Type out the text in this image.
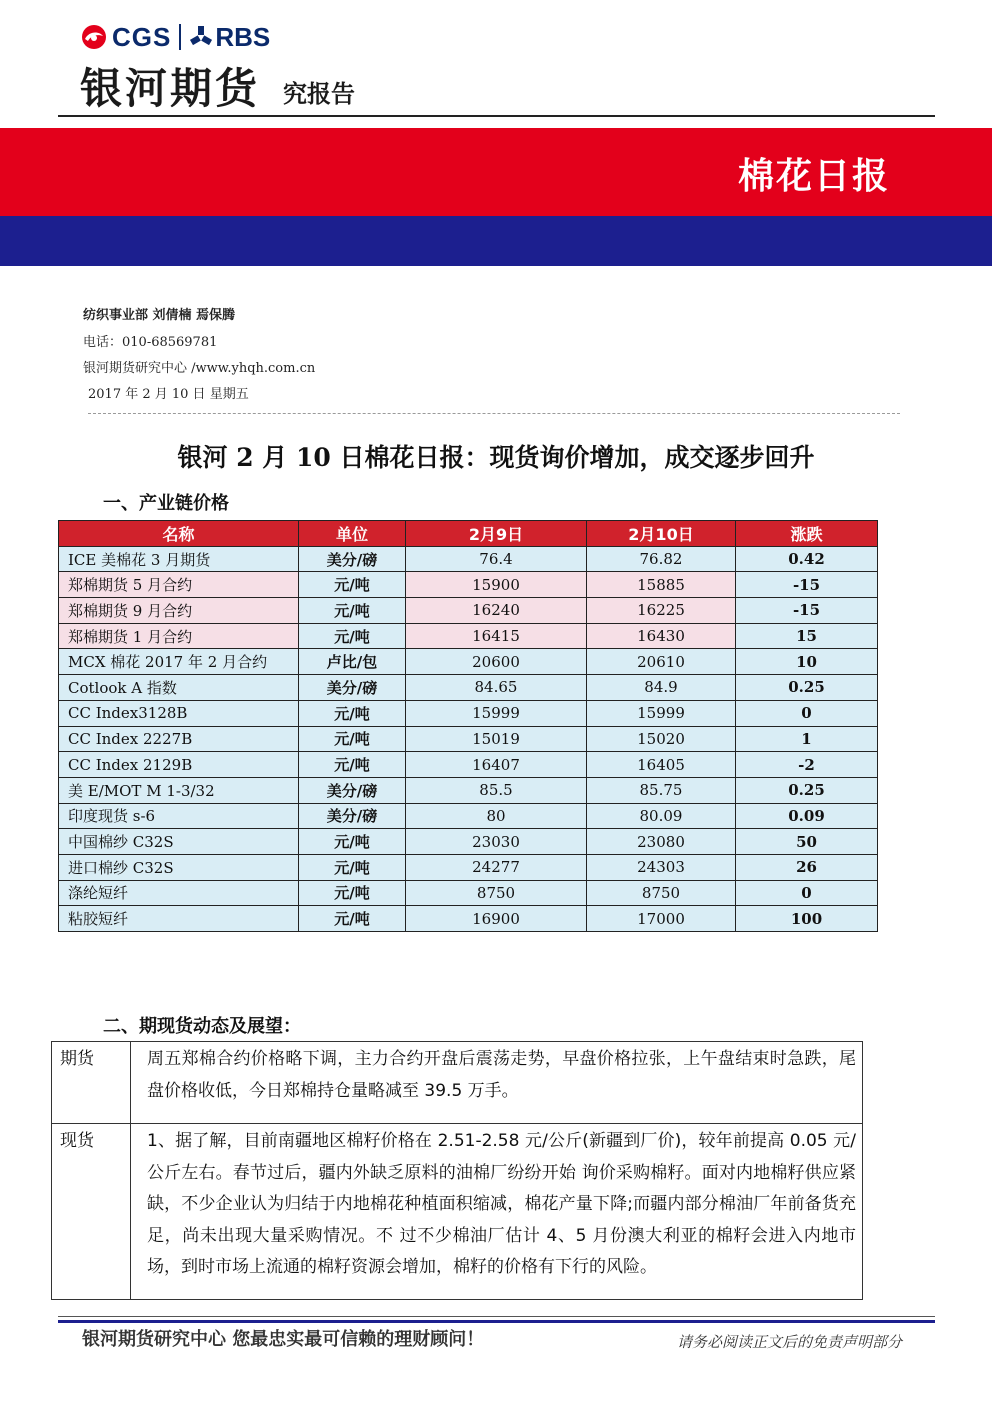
CGS RBS
银河期货 究报告
棉花日报
纺织事业部 刘倩楠 焉保腾
电话：010-68569781
银河期货研究中心 /www.yhqh.com.cn
2017 年 2 月 10 日 星期五
银河 2 月 10 日棉花日报：现货询价增加，成交逐步回升
一、产业链价格
名称	单位	2月9日	2月10日	涨跌
ICE 美棉花 3 月期货	美分/磅	76.4	76.82	0.42
郑棉期货 5 月合约	元/吨	15900	15885	-15
郑棉期货 9 月合约	元/吨	16240	16225	-15
郑棉期货 1 月合约	元/吨	16415	16430	15
MCX 棉花 2017 年 2 月合约	卢比/包	20600	20610	10
Cotlook A 指数	美分/磅	84.65	84.9	0.25
CC Index3128B	元/吨	15999	15999	0
CC Index 2227B	元/吨	15019	15020	1
CC Index 2129B	元/吨	16407	16405	-2
美 E/MOT M 1-3/32	美分/磅	85.5	85.75	0.25
印度现货 s-6	美分/磅	80	80.09	0.09
中国棉纱 C32S	元/吨	23030	23080	50
进口棉纱 C32S	元/吨	24277	24303	26
涤纶短纤	元/吨	8750	8750	0
粘胶短纤	元/吨	16900	17000	100
二、期现货动态及展望：
期货	周五郑棉合约价格略下调，主力合约开盘后震荡走势，早盘价格拉张，上午盘结束时急跌，尾盘价格收低，今日郑棉持仓量略减至 39.5 万手。
现货	1、据了解，目前南疆地区棉籽价格在 2.51-2.58 元/公斤(新疆到厂价)，较年前提高 0.05 元/公斤左右。春节过后，疆内外缺乏原料的油棉厂纷纷开始 询价采购棉籽。面对内地棉籽供应紧缺，不少企业认为归结于内地棉花种植面积缩减，棉花产量下降;而疆内部分棉油厂年前备货充足，尚未出现大量采购情况。不 过不少棉油厂估计 4、5 月份澳大利亚的棉籽会进入内地市场，到时市场上流通的棉籽资源会增加，棉籽的价格有下行的风险。
银河期货研究中心 您最忠实最可信赖的理财顾问！	请务必阅读正文后的免责声明部分
